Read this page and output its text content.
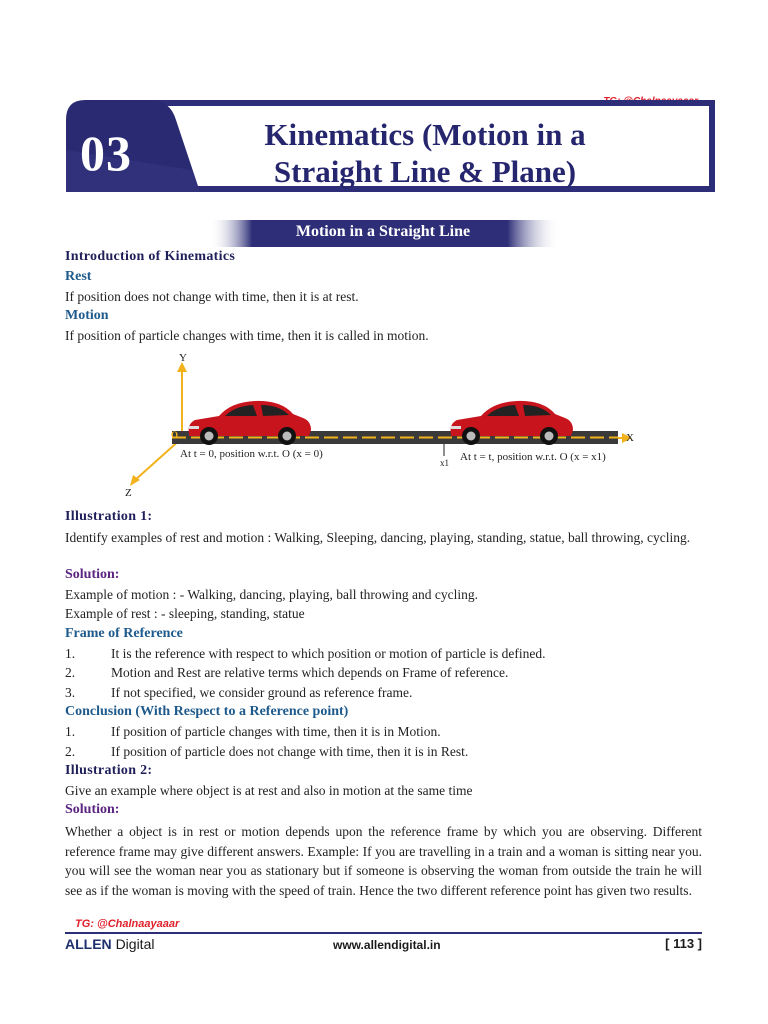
03	Kinematics (Motion in a
Straight Line & Plane)
Motion in a Straight Line
Introduction of Kinematics
Rest
If position does not change with time, then it is at rest.
Motion
If position of particle changes with time, then it is called in motion.
Y
X
Z
O
x1
At t = 0, position w.r.t. O (x = 0)	At t = t, position w.r.t. O (x = x1)
Illustration 1:
Identify examples of rest and motion : Walking, Sleeping, dancing, playing, standing, statue, ball throwing, cycling.
Solution:
Example of motion : - Walking, dancing, playing, ball throwing and cycling.
Example of rest : - sleeping, standing, statue
Frame of Reference
1.	It is the reference with respect to which position or motion of particle is defined.
2.	Motion and Rest are relative terms which depends on Frame of reference.
3.	If not specified, we consider ground as reference frame.
Conclusion (With Respect to a Reference point)
1.	If position of particle changes with time, then it is in Motion.
2.	If position of particle does not change with time, then it is in Rest.
Illustration 2:
Give an example where object is at rest and also in motion at the same time
Solution:
Whether a object is in rest or motion depends upon the reference frame by which you are observing. Different reference frame may give different answers. Example: If you are travelling in a train and a woman is sitting near you. you will see the woman near you as stationary but if someone is observing the woman from outside the train he will see as if the woman is moving with the speed of train. Hence the two different reference point has given two results.
TG: @Chalnaayaaar
ALLEN Digital	www.allendigital.in	[ 113 ]
